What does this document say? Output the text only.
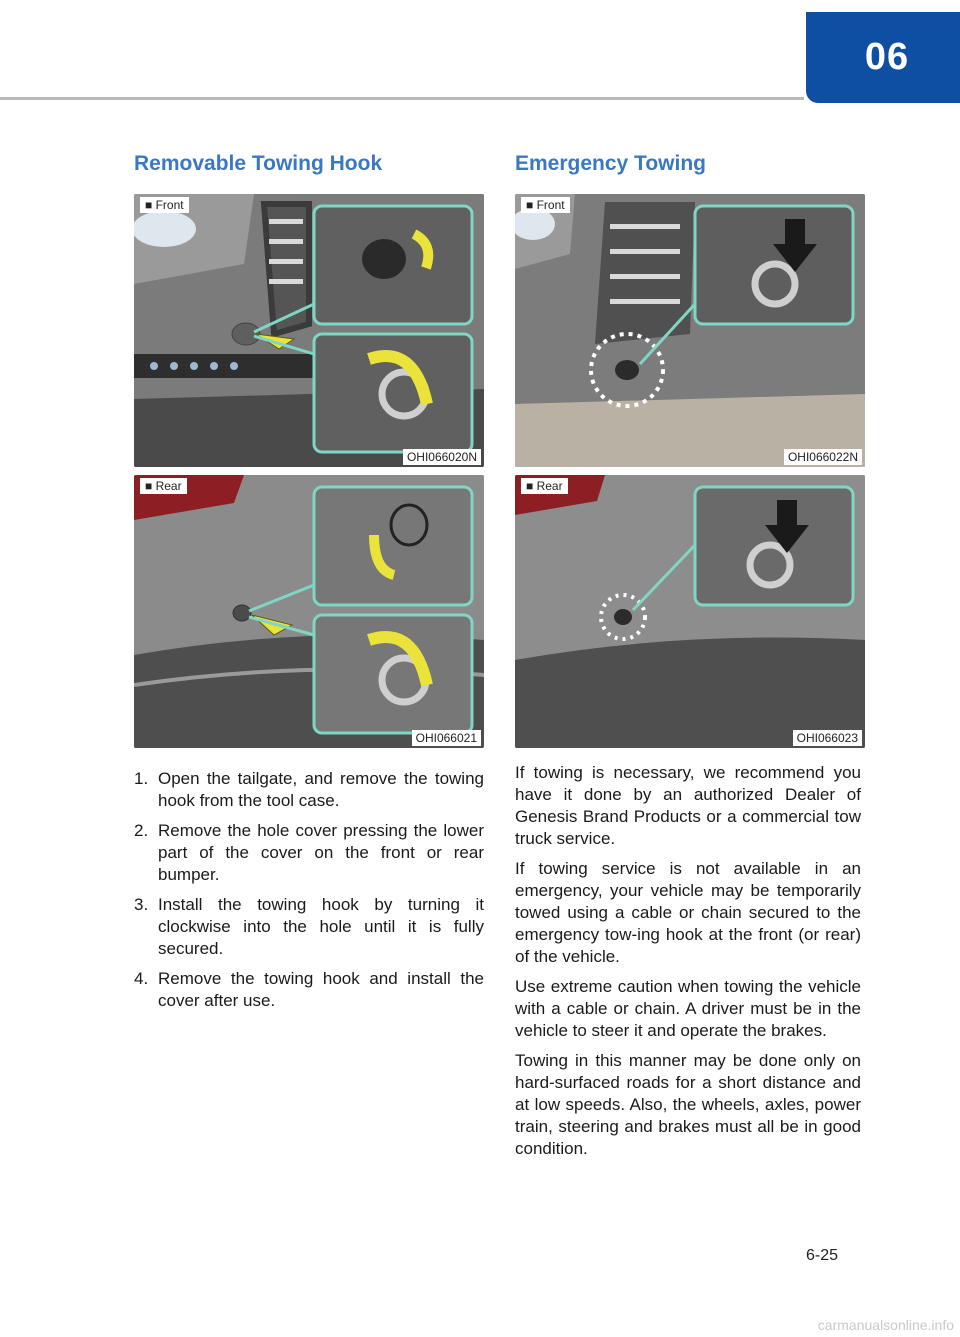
06
Removable Towing Hook	Emergency Towing
■ Front
OHI066020N
■ Rear
OHI066021
■ Front
OHI066022N
■ Rear
OHI066023
1. Open the tailgate, and remove the towing hook from the tool case.
2. Remove the hole cover pressing the lower part of the cover on the front or rear bumper.
3. Install the towing hook by turning it clockwise into the hole until it is fully secured.
4. Remove the towing hook and install the cover after use.

If towing is necessary, we recommend you have it done by an authorized Dealer of Genesis Brand Products or a commercial tow truck service.

If towing service is not available in an emergency, your vehicle may be temporarily towed using a cable or chain secured to the emergency tow-ing hook at the front (or rear) of the vehicle.

Use extreme caution when towing the vehicle with a cable or chain. A driver must be in the vehicle to steer it and operate the brakes.

Towing in this manner may be done only on hard-surfaced roads for a short distance and at low speeds. Also, the wheels, axles, power train, steering and brakes must all be in good condition.

6-25
carmanualsonline.info
